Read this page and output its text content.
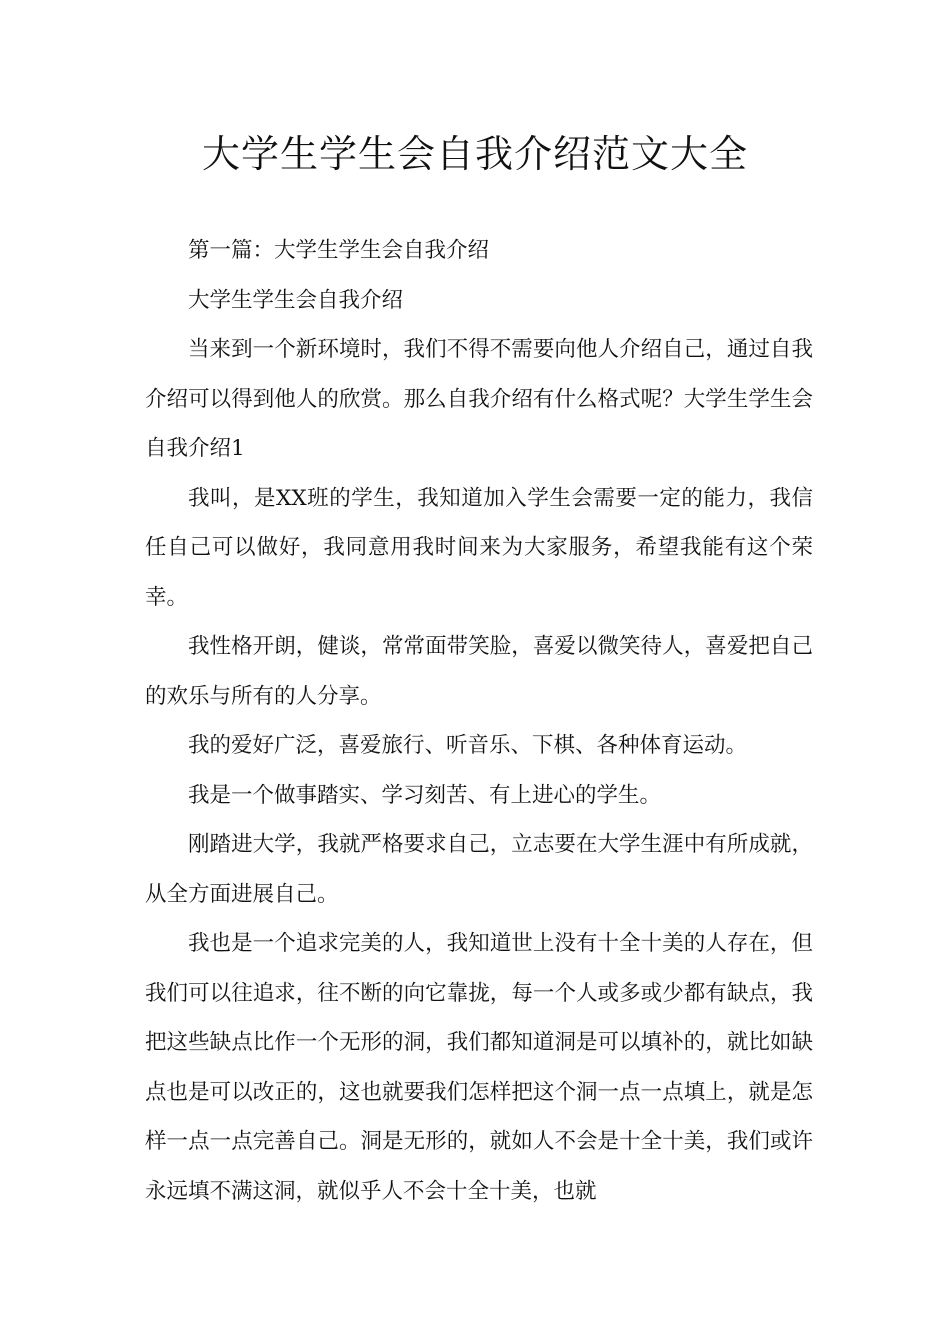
大学生学生会自我介绍范文大全

第一篇：大学生学生会自我介绍

大学生学生会自我介绍

当来到一个新环境时，我们不得不需要向他人介绍自己，通过自我介绍可以得到他人的欣赏。那么自我介绍有什么格式呢？大学生学生会自我介绍1

我叫，是XX班的学生，我知道加入学生会需要一定的能力，我信任自己可以做好，我同意用我时间来为大家服务，希望我能有这个荣幸。

我性格开朗，健谈，常常面带笑脸，喜爱以微笑待人，喜爱把自己的欢乐与所有的人分享。

我的爱好广泛，喜爱旅行、听音乐、下棋、各种体育运动。

我是一个做事踏实、学习刻苦、有上进心的学生。

刚踏进大学，我就严格要求自己，立志要在大学生涯中有所成就，从全方面进展自己。

我也是一个追求完美的人，我知道世上没有十全十美的人存在，但我们可以往追求，往不断的向它靠拢，每一个人或多或少都有缺点，我把这些缺点比作一个无形的洞，我们都知道洞是可以填补的，就比如缺点也是可以改正的，这也就要我们怎样把这个洞一点一点填上，就是怎样一点一点完善自己。洞是无形的，就如人不会是十全十美，我们或许永远填不满这洞，就似乎人不会十全十美，也就
